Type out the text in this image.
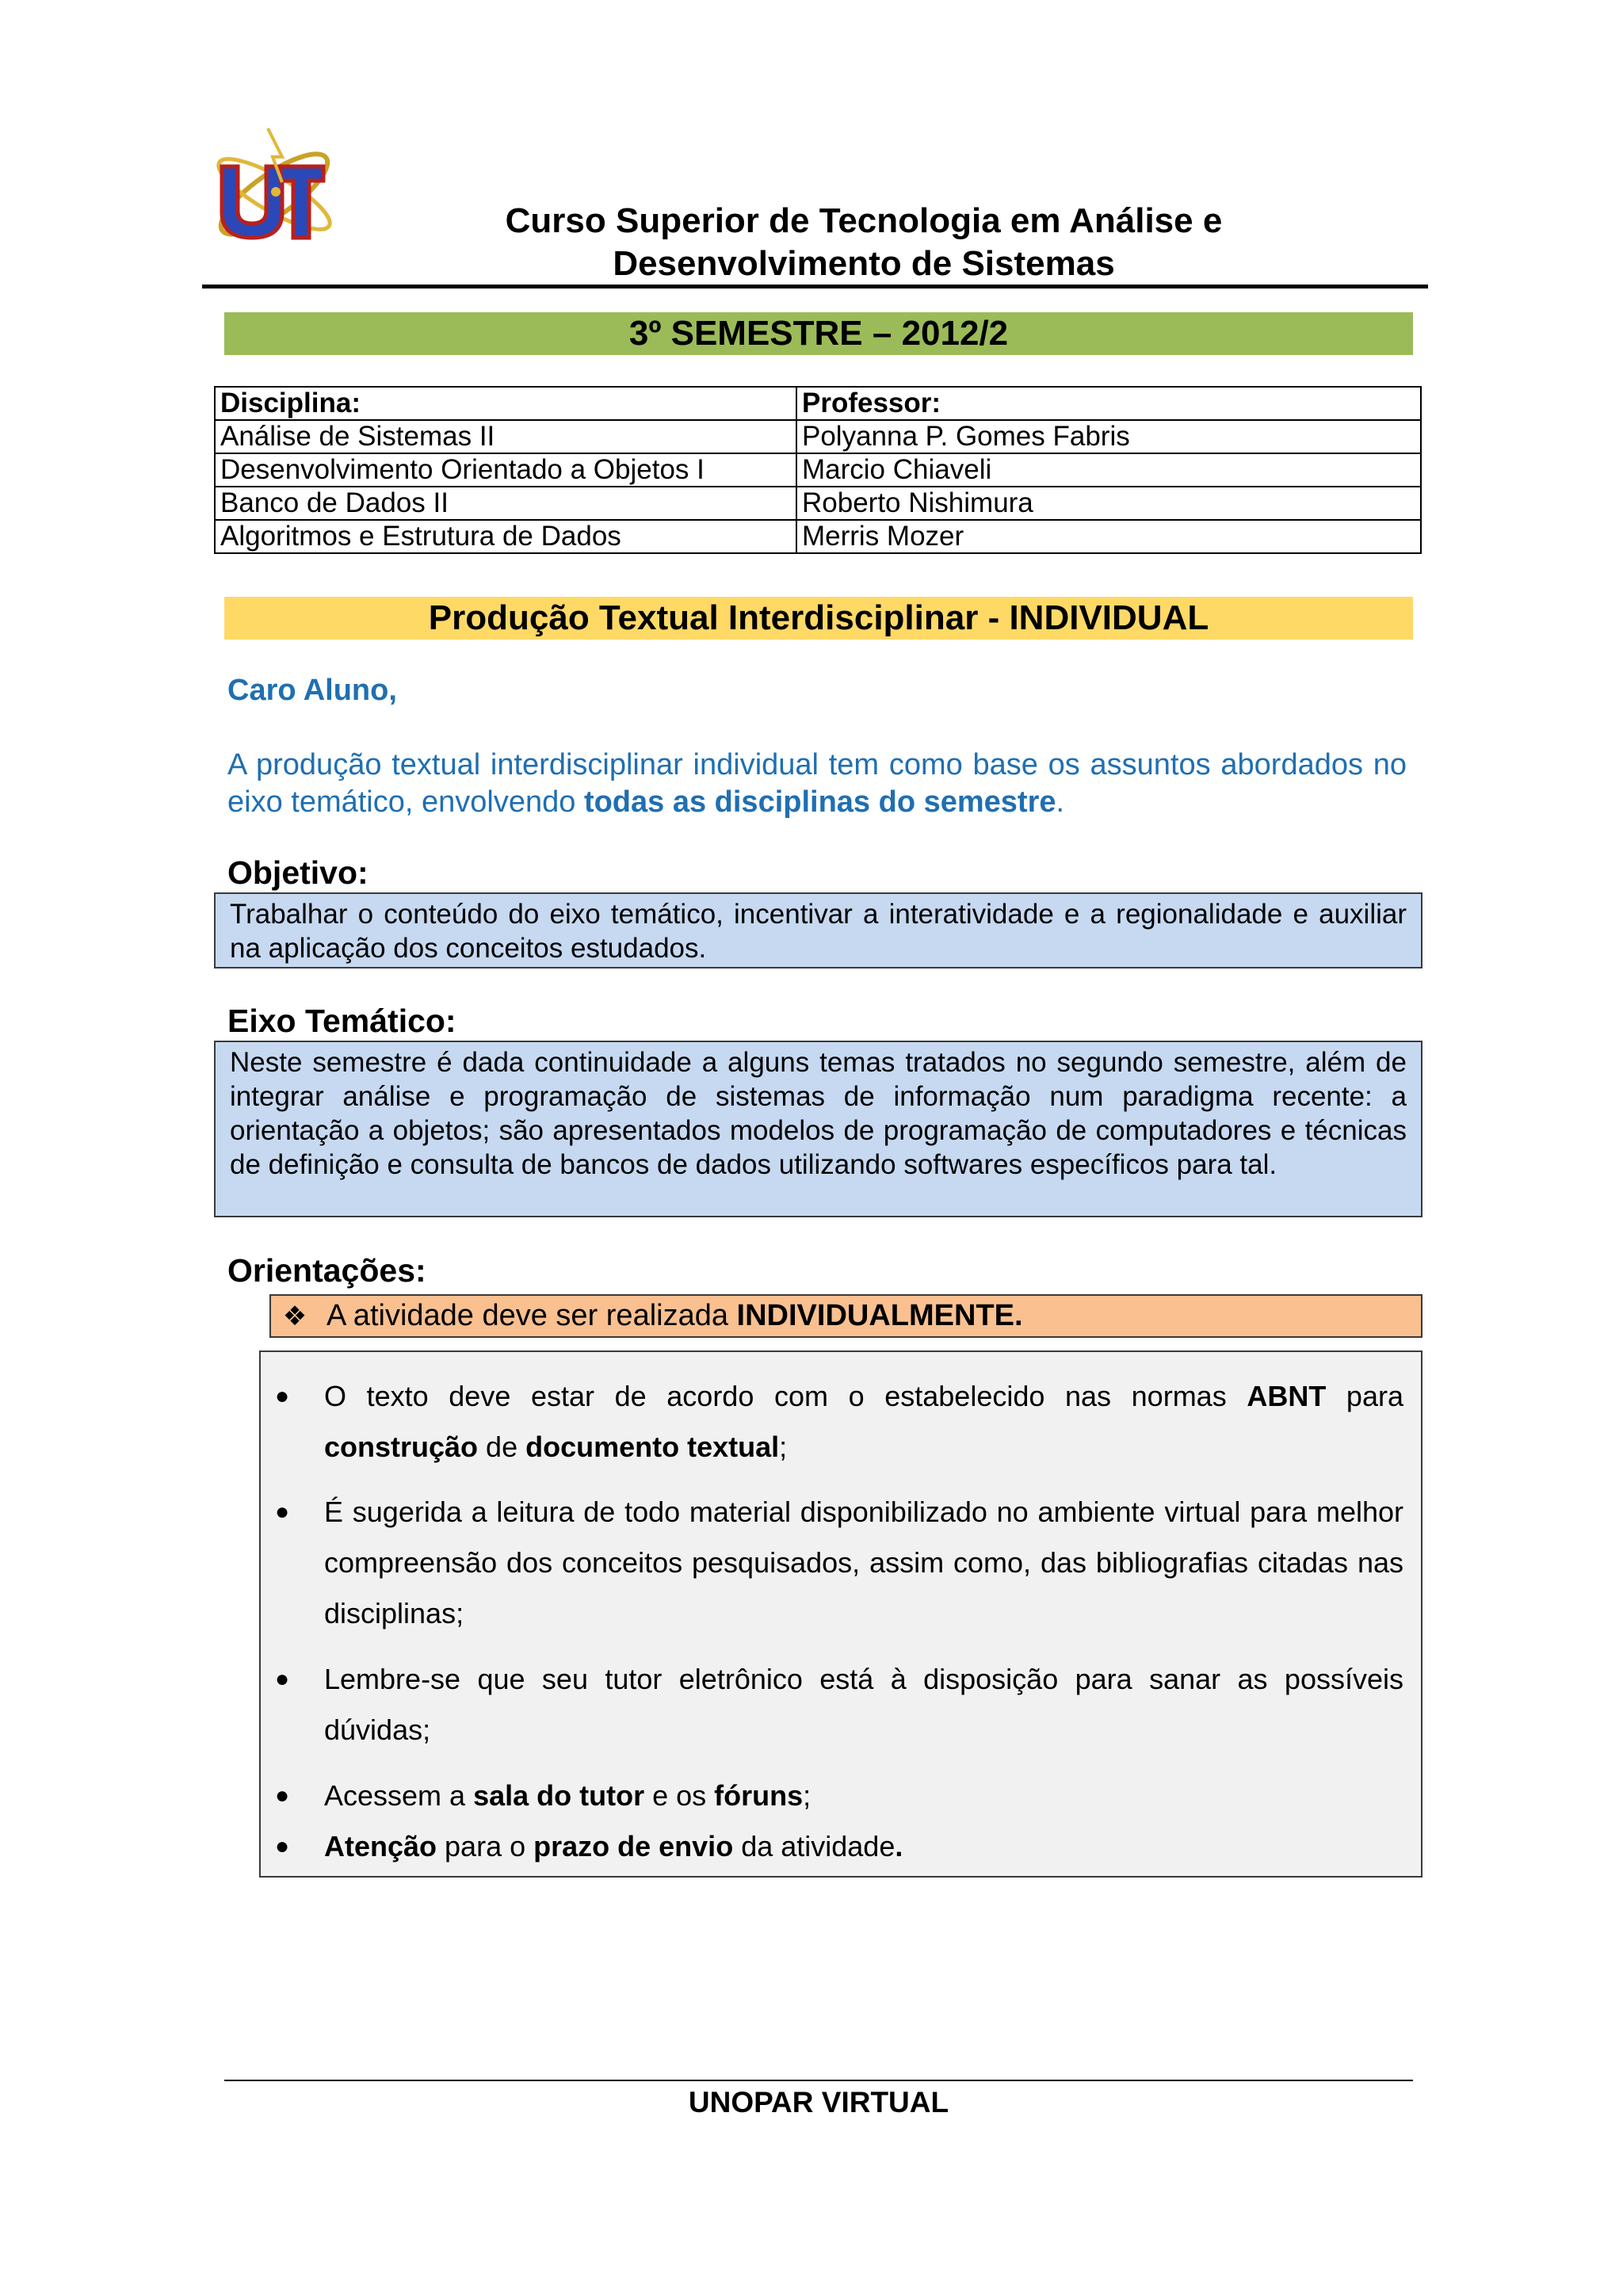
Curso Superior de Tecnologia em Análise e
Desenvolvimento de Sistemas
3º SEMESTRE – 2012/2
Disciplina:	Professor:
Análise de Sistemas II	Polyanna P. Gomes Fabris
Desenvolvimento Orientado a Objetos I	Marcio Chiaveli
Banco de Dados II	Roberto Nishimura
Algoritmos e Estrutura de Dados	Merris Mozer
Produção Textual Interdisciplinar - INDIVIDUAL
Caro Aluno,
A produção textual interdisciplinar individual tem como base os assuntos abordados no eixo temático, envolvendo todas as disciplinas do semestre.
Objetivo:
Trabalhar o conteúdo do eixo temático, incentivar a interatividade e a regionalidade e auxiliar na aplicação dos conceitos estudados.
Eixo Temático:
Neste semestre é dada continuidade a alguns temas tratados no segundo semestre, além de integrar análise e programação de sistemas de informação num paradigma recente: a orientação a objetos; são apresentados modelos de programação de computadores e técnicas de definição e consulta de bancos de dados utilizando softwares específicos para tal.
Orientações:
❖ A atividade deve ser realizada INDIVIDUALMENTE.
● O texto deve estar de acordo com o estabelecido nas normas ABNT para construção de documento textual;
● É sugerida a leitura de todo material disponibilizado no ambiente virtual para melhor compreensão dos conceitos pesquisados, assim como, das bibliografias citadas nas disciplinas;
● Lembre-se que seu tutor eletrônico está à disposição para sanar as possíveis dúvidas;
● Acessem a sala do tutor e os fóruns;
● Atenção para o prazo de envio da atividade.
UNOPAR VIRTUAL
